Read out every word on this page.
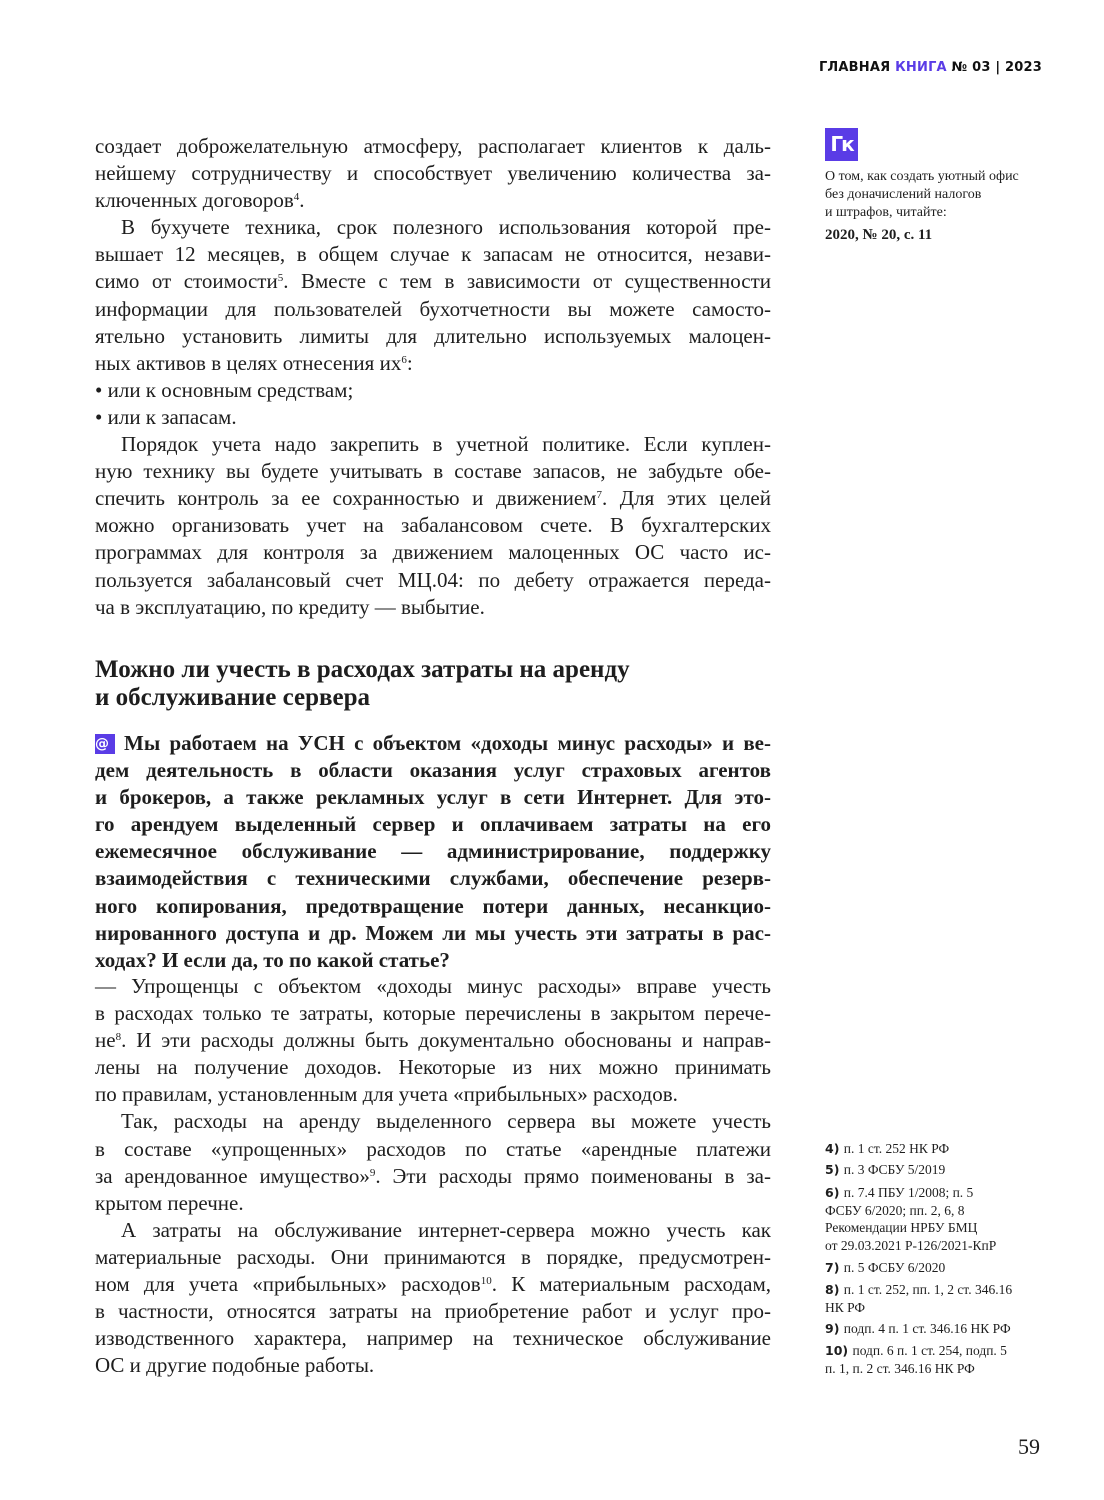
ГЛАВНАЯ КНИГА № 03 | 2023
Гк
О том, как создать уютный офис
без доначислений налогов
и штрафов, читайте:
2020, № 20, с. 11
создает доброжелательную атмосферу, располагает клиентов к даль-
нейшему сотрудничеству и способствует увеличению количества за-
ключенных договоров$^4$.
В бухучете техника, срок полезного использования которой пре-
вышает 12 месяцев, в общем случае к запасам не относится, незави-
симо от стоимости$^5$. Вместе с тем в зависимости от существенности
информации для пользователей бухотчетности вы можете самосто-
ятельно установить лимиты для длительно используемых малоцен-
ных активов в целях отнесения $их^6$:
• или к основным средствам;
• или к запасам.
Порядок учета надо закрепить в учетной политике. Если куплен-
ную технику вы будете учитывать в составе запасов, не забудьте обе-
спечить контроль за ее сохранностью и движением$^7$. Для этих целей
можно организовать учет на забалансовом счете. В бухгалтерских
программах для контроля за движением малоценных ОС часто ис-
пользуется забалансовый счет МЦ.04: по дебету отражается переда-
ча в эксплуатацию, по кредиту — выбытие.
Можно ли учесть в расходах затраты на аренду
и обслуживание сервера
@ Мы работаем на УСН с объектом «доходы минус расходы» и ве-
дем деятельность в области оказания услуг страховых агентов
и брокеров, а также рекламных услуг в сети Интернет. Для это-
го арендуем выделенный сервер и оплачиваем затраты на его
ежемесячное обслуживание — администрирование, поддержку
взаимодействия с техническими службами, обеспечение резерв-
ного копирования, предотвращение потери данных, несанкцио-
нированного доступа и др. Можем ли мы учесть эти затраты в рас-
ходах? И если да, то по какой статье?
— Упрощенцы с объектом «доходы минус расходы» вправе учесть
в расходах только те затраты, которые перечислены в закрытом перече-
$не^8$. И эти расходы должны быть документально обоснованы и направ-
лены на получение доходов. Некоторые из них можно принимать
по правилам, установленным для учета «прибыльных» расходов.
Так, расходы на аренду выделенного сервера вы можете учесть
в составе «упрощенных» расходов по статье «арендные платежи
за арендованное имущество»$^9$. Эти расходы прямо поименованы в за-
крытом перечне.
А затраты на обслуживание интернет-сервера можно учесть как
материальные расходы. Они принимаются в порядке, предусмотрен-
ном для учета «прибыльных» расходов$^{10}$. К материальным расходам,
в частности, относятся затраты на приобретение работ и услуг про-
изводственного характера, например на техническое обслуживание
ОС и другие подобные работы.
4) п. 1 ст. 252 НК РФ
5) п. 3 ФСБУ 5/2019
6) п. 7.4 ПБУ 1/2008; п. 5
ФСБУ 6/2020; пп. 2, 6, 8
Рекомендации НРБУ БМЦ
от 29.03.2021 Р-126/2021-КпР
7) п. 5 ФСБУ 6/2020
8) п. 1 ст. 252, пп. 1, 2 ст. 346.16
НК РФ
9) подп. 4 п. 1 ст. 346.16 НК РФ
10) подп. 6 п. 1 ст. 254, подп. 5
п. 1, п. 2 ст. 346.16 НК РФ
59
